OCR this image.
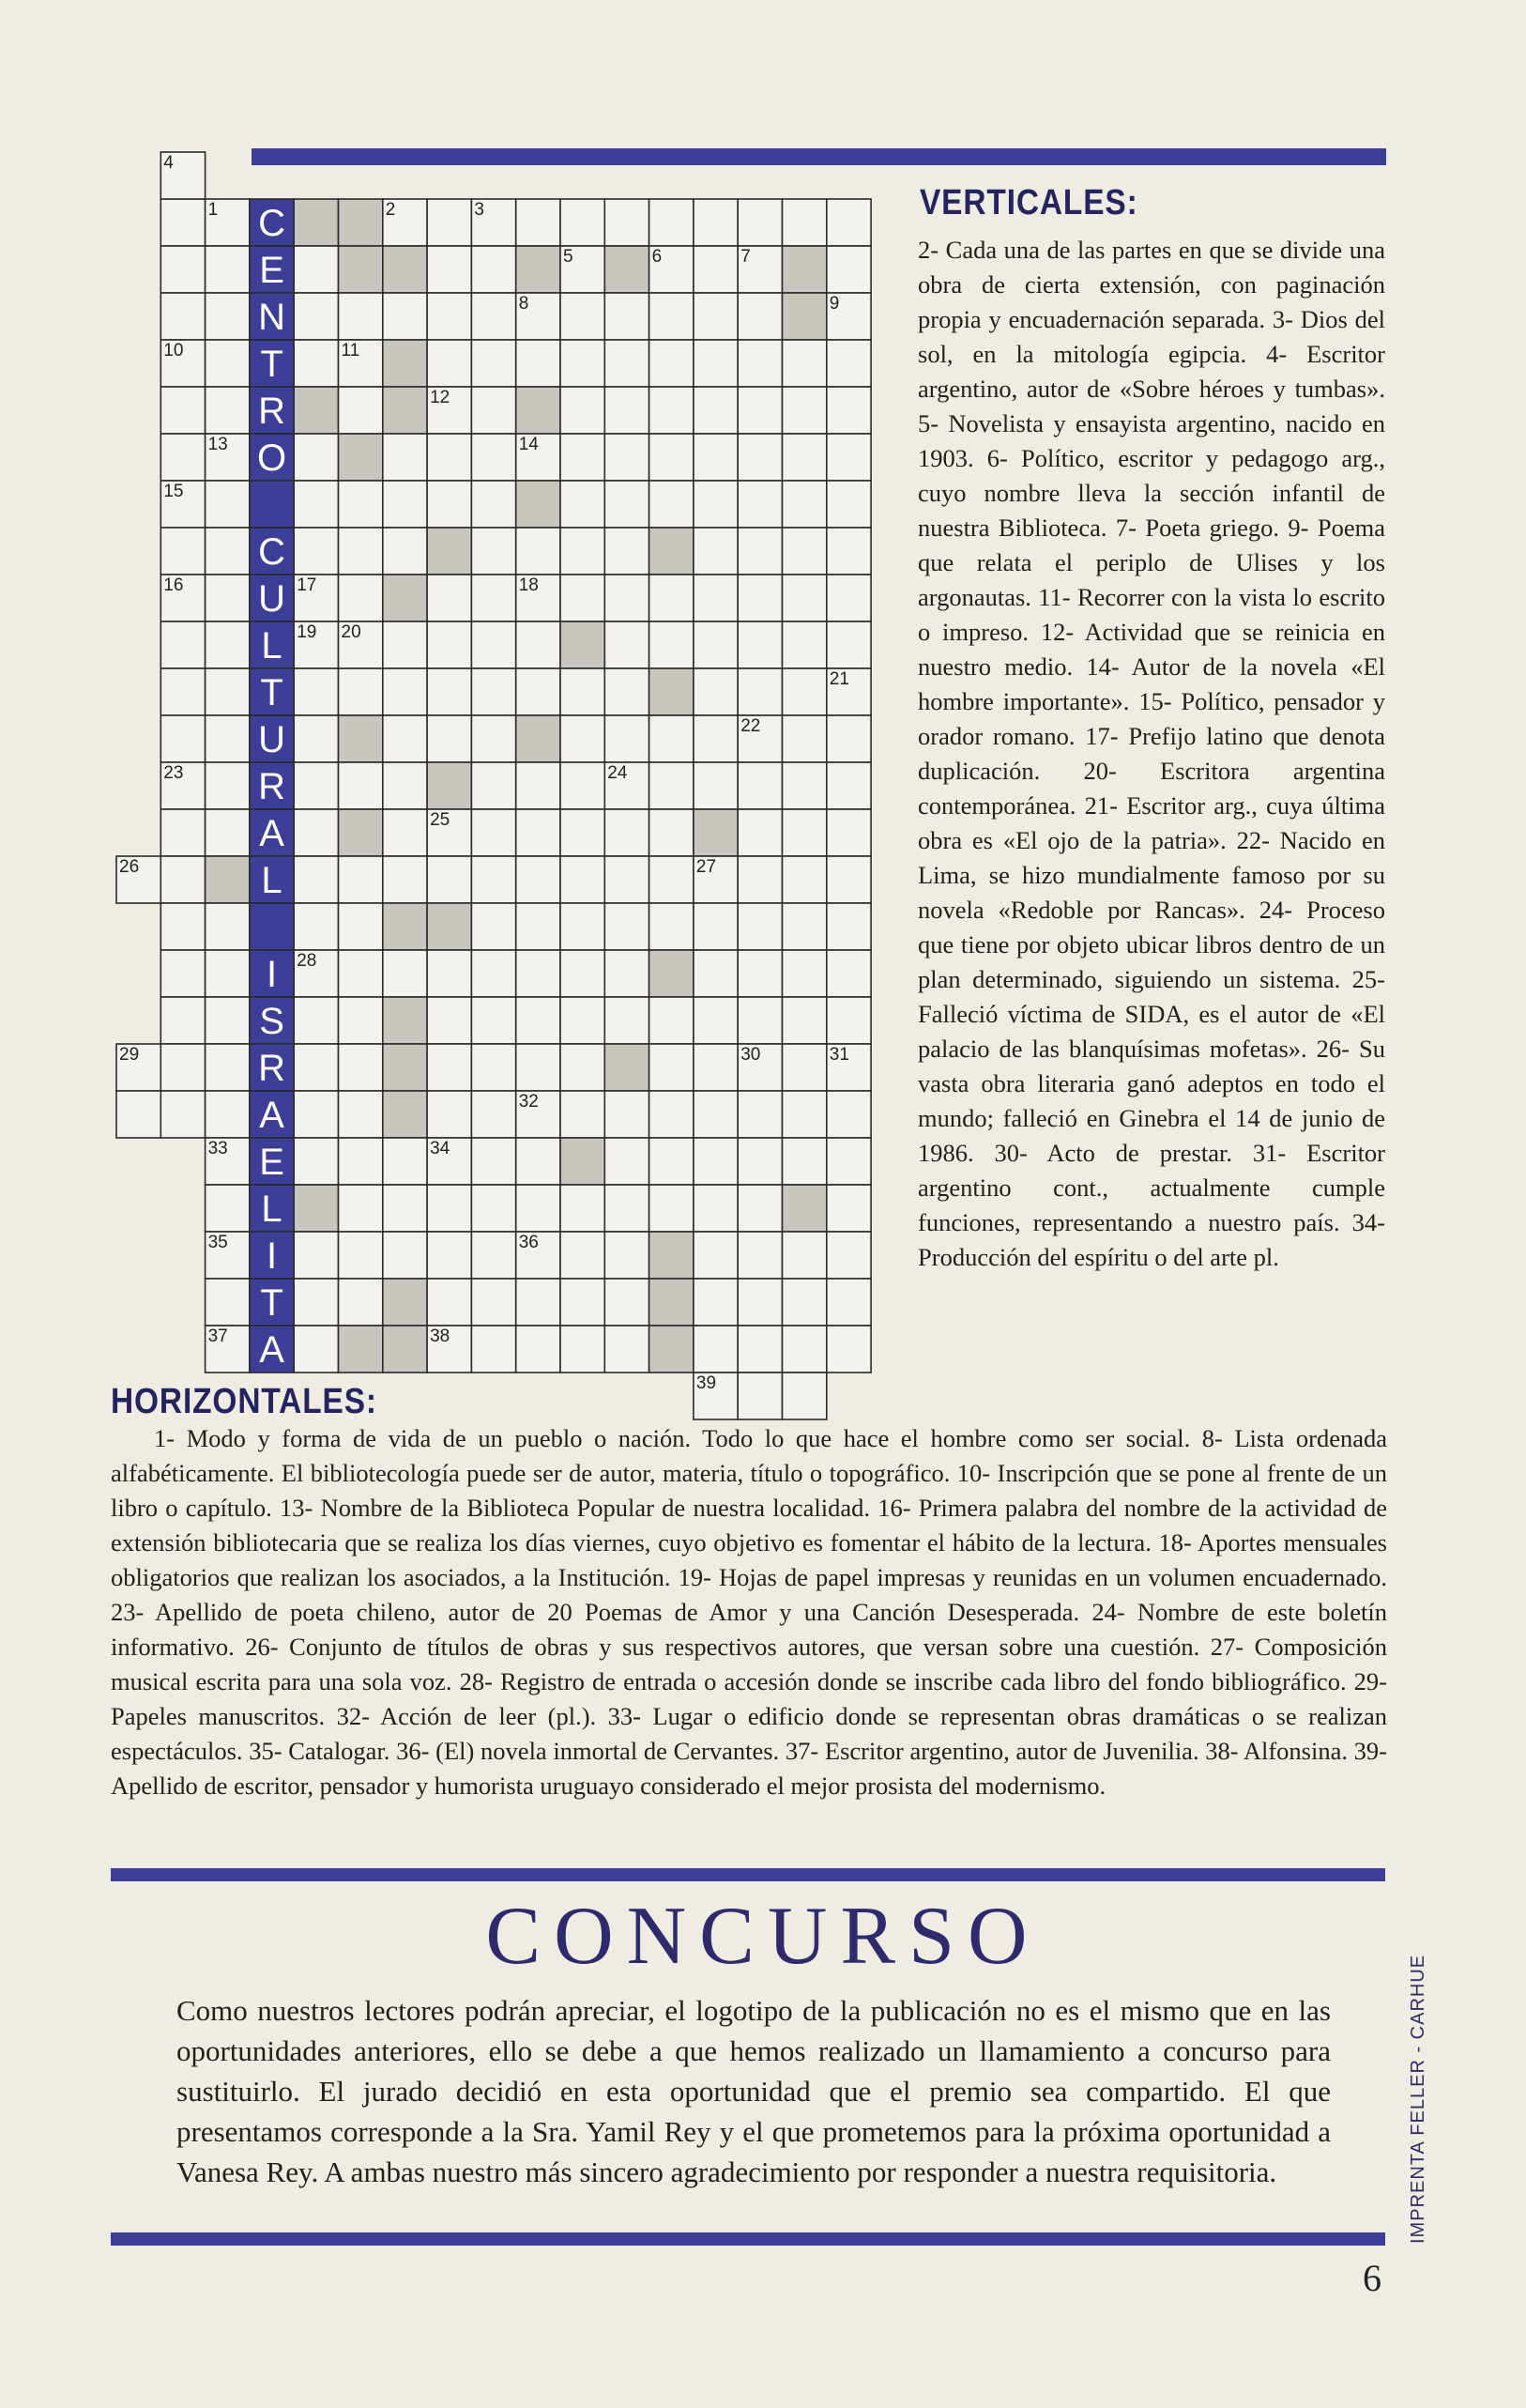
C
E
N
T
R
O
C
U
L
T
U
R
A
L
I
S
R
A
E
L
I
T
A
4
1	2	3
5	6	7
8	9
10	11
12
13	14
15
16	17	18
19 20
21
22
23	24
25
26	27
28
29	30	31
32
33	34
35	36
37	38
39
VERTICALES:
2- Cada una de las partes en que se divide una obra de cierta extensión, con paginación propia y encuadernación separada. 3- Dios del sol, en la mitología egipcia. 4- Escritor argentino, autor de «Sobre héroes y tumbas». 5- Novelista y ensayista argentino, nacido en 1903. 6- Político, escritor y pedagogo arg., cuyo nombre lleva la sección infantil de nuestra Biblioteca. 7- Poeta griego. 9- Poema que relata el periplo de Ulises y los argonautas. 11- Recorrer con la vista lo escrito o impreso. 12- Actividad que se reinicia en nuestro medio. 14- Autor de la novela «El hombre importante». 15- Político, pensador y orador romano. 17- Prefijo latino que denota duplicación. 20- Escritora argentina contemporánea. 21- Escritor arg., cuya última obra es «El ojo de la patria». 22- Nacido en Lima, se hizo mundialmente famoso por su novela «Redoble por Rancas». 24- Proceso que tiene por objeto ubicar libros dentro de un plan determinado, siguiendo un sistema. 25- Falleció víctima de SIDA, es el autor de «El palacio de las blanquísimas mofetas». 26- Su vasta obra literaria ganó adeptos en todo el mundo; falleció en Ginebra el 14 de junio de 1986. 30- Acto de prestar. 31- Escritor argentino cont., actualmente cumple funciones, representando a nuestro país. 34- Producción del espíritu o del arte pl.
HORIZONTALES:
1- Modo y forma de vida de un pueblo o nación. Todo lo que hace el hombre como ser social. 8- Lista ordenada alfabéticamente. El bibliotecología puede ser de autor, materia, título o topográfico. 10- Inscripción que se pone al frente de un libro o capítulo. 13- Nombre de la Biblioteca Popular de nuestra localidad. 16- Primera palabra del nombre de la actividad de extensión bibliotecaria que se realiza los días viernes, cuyo objetivo es fomentar el hábito de la lectura. 18- Aportes mensuales obligatorios que realizan los asociados, a la Institución. 19- Hojas de papel impresas y reunidas en un volumen encuadernado. 23- Apellido de poeta chileno, autor de 20 Poemas de Amor y una Canción Desesperada. 24- Nombre de este boletín informativo. 26- Conjunto de títulos de obras y sus respectivos autores, que versan sobre una cuestión. 27- Composición musical escrita para una sola voz. 28- Registro de entrada o accesión donde se inscribe cada libro del fondo bibliográfico. 29- Papeles manuscritos. 32- Acción de leer (pl.). 33- Lugar o edificio donde se representan obras dramáticas o se realizan espectáculos. 35- Catalogar. 36- (El) novela inmortal de Cervantes. 37- Escritor argentino, autor de Juvenilia. 38- Alfonsina. 39- Apellido de escritor, pensador y humorista uruguayo considerado el mejor prosista del modernismo.
CONCURSO
Como nuestros lectores podrán apreciar, el logotipo de la publicación no es el mismo que en las oportunidades anteriores, ello se debe a que hemos realizado un llamamiento a concurso para sustituirlo. El jurado decidió en esta oportunidad que el premio sea compartido. El que presentamos corresponde a la Sra. Yamil Rey y el que prometemos para la próxima oportunidad a Vanesa Rey. A ambas nuestro más sincero agradecimiento por responder a nuestra requisitoria.	IMPRENTA FELLER - CARHUE
6
